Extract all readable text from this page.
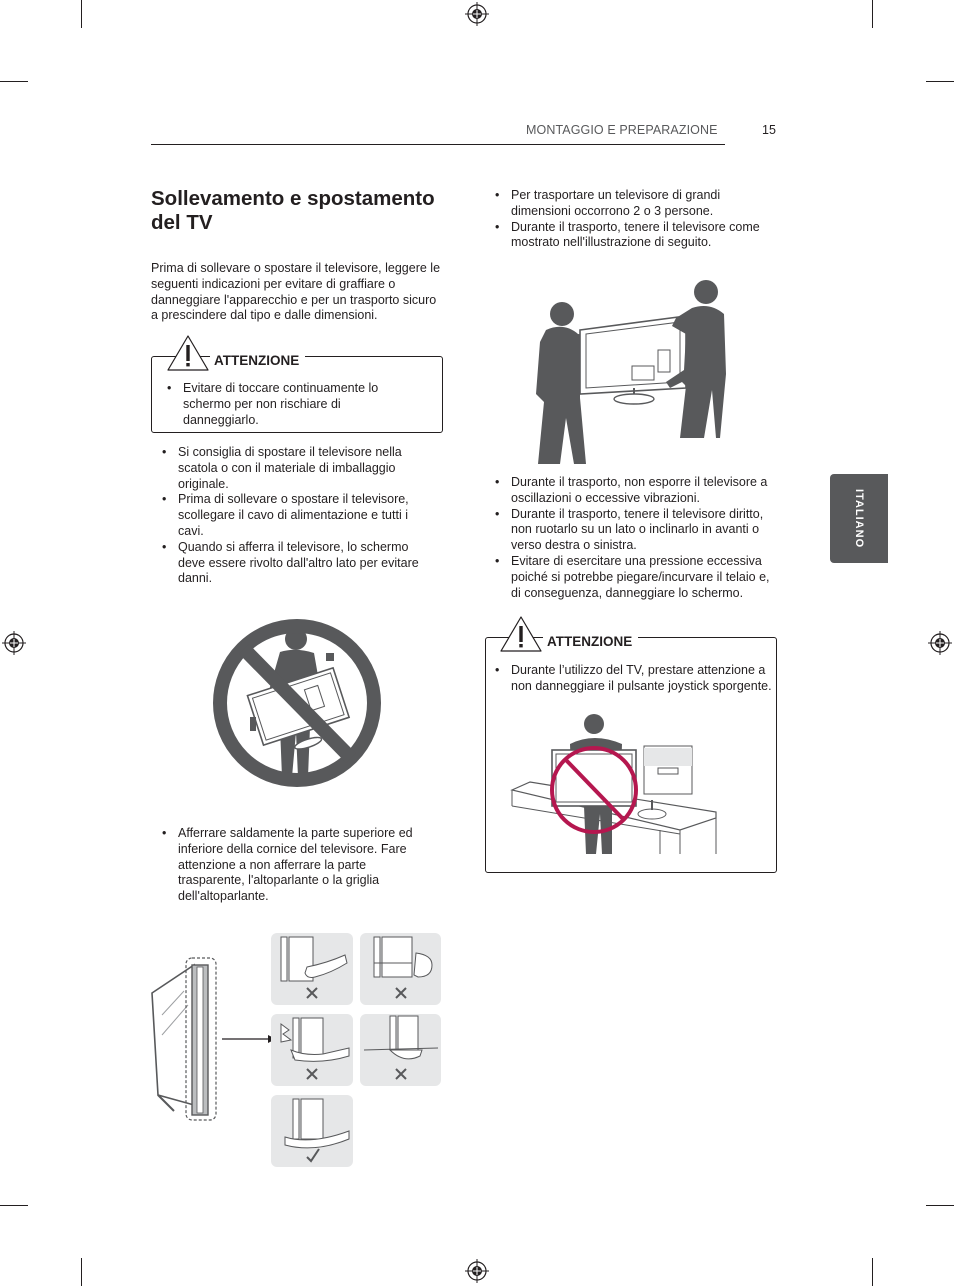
MONTAGGIO E PREPARAZIONE	15
ITALIANO
Sollevamento e spostamento del TV
Prima di sollevare o spostare il televisore, leggere le seguenti indicazioni per evitare di graffiare o danneggiare l'apparecchio e per un trasporto sicuro a prescindere dal tipo e dalle dimensioni.
ATTENZIONE
• Evitare di toccare continuamente lo schermo per non rischiare di danneggiarlo.
• Si consiglia di spostare il televisore nella scatola o con il materiale di imballaggio originale.
• Prima di sollevare o spostare il televisore, scollegare il cavo di alimentazione e tutti i cavi.
• Quando si afferra il televisore, lo schermo deve essere rivolto dall'altro lato per evitare danni.
• Afferrare saldamente la parte superiore ed inferiore della cornice del televisore. Fare attenzione a non afferrare la parte trasparente, l'altoparlante o la griglia dell'altoparlante.
• Per trasportare un televisore di grandi dimensioni occorrono 2 o 3 persone.
• Durante il trasporto, tenere il televisore come mostrato nell'illustrazione di seguito.
• Durante il trasporto, non esporre il televisore a oscillazioni o eccessive vibrazioni.
• Durante il trasporto, tenere il televisore diritto, non ruotarlo su un lato o inclinarlo in avanti o verso destra o sinistra.
• Evitare di esercitare una pressione eccessiva poiché si potrebbe piegare/incurvare il telaio e, di conseguenza, danneggiare lo schermo.
ATTENZIONE
• Durante l’utilizzo del TV, prestare attenzione a non danneggiare il pulsante joystick sporgente.
